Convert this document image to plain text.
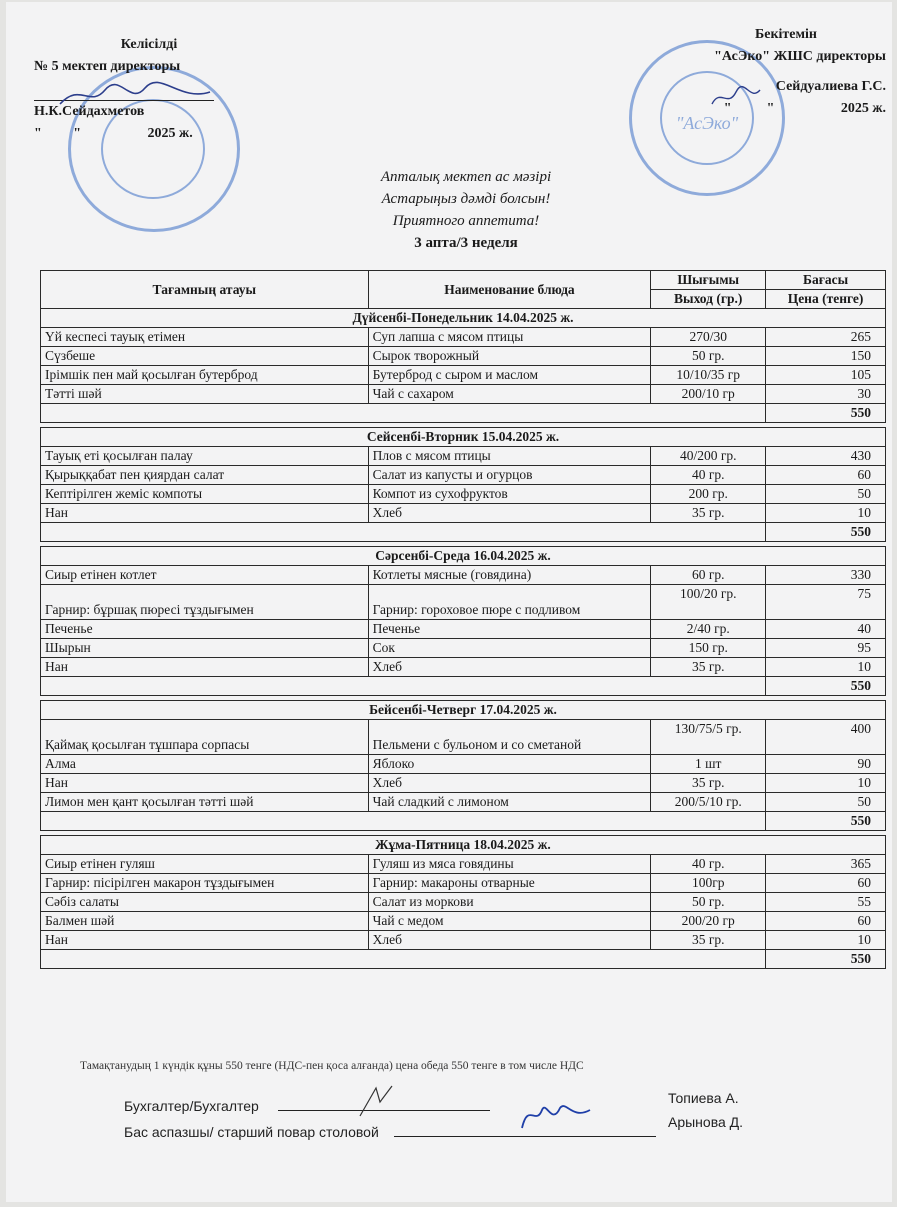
"АсЭко"
Келісілді
№ 5 мектеп директоры
Н.К.Сейдахметов
"         "                   2025 ж.
Бекітемін
"АсЭко" ЖШС директоры
Сейдуалиева Г.С.
"          "                   2025 ж.
Апталық мектеп ас мәзірі
Астарыңыз дәмді болсын!
Приятного аппетита!
3 апта/3 неделя
Тағамның атауы	Наименование блюда	Шығымы	Бағасы
		Выход (гр.)	Цена (тенге)
Дүйсенбі-Понедельник 14.04.2025 ж.			
Үй кеспесі тауық етімен	Суп лапша с мясом птицы	270/30	265
Сүзбеше	Сырок творожный	50 гр.	150
Ірімшік пен май қосылған бутерброд	Бутерброд с сыром и маслом	10/10/35 гр	105
Тәтті шәй	Чай с сахаром	200/10 гр	30
			550

Сейсенбі-Вторник 15.04.2025 ж.			
Тауық еті қосылған палау	Плов с мясом птицы	40/200 гр.	430
Қырыққабат пен қиярдан салат	Салат из капусты и огурцов	40 гр.	60
Кептірілген жеміс компоты	Компот из сухофруктов	200 гр.	50
Нан	Хлеб	35 гр.	10
			550

Сәрсенбі-Среда 16.04.2025 ж.			
Сиыр етінен котлет	Котлеты мясные (говядина)	60 гр.	330
Гарнир: бұршақ пюресі тұздығымен	Гарнир: гороховое пюре с подливом	100/20 гр.	75
Печенье	Печенье	2/40 гр.	40
Шырын	Сок	150 гр.	95
Нан	Хлеб	35 гр.	10
			550

Бейсенбі-Четверг 17.04.2025 ж.			
Қаймақ қосылған тұшпара сорпасы	Пельмени с бульоном и со сметаной	130/75/5 гр.	400
Алма	Яблоко	1 шт	90
Нан	Хлеб	35 гр.	10
Лимон мен қант қосылған тәтті шәй	Чай сладкий с лимоном	200/5/10 гр.	50
			550

Жұма-Пятница 18.04.2025 ж.			
Сиыр етінен гуляш	Гуляш из мяса говядины	40 гр.	365
Гарнир: пісірілген макарон тұздығымен	Гарнир: макароны отварные	100гр	60
Сәбіз салаты	Салат из моркови	50 гр.	55
Балмен шәй	Чай с медом	200/20 гр	60
Нан	Хлеб	35 гр.	10
			550
Тамақтанудың 1 күндік құны 550 тенге (НДС-пен қоса алғанда) цена обеда 550 тенге в том числе НДС
Бухгалтер/Бухгалтер	Топиева А.
Бас аспазшы/ старший повар столовой
Арынова Д.
